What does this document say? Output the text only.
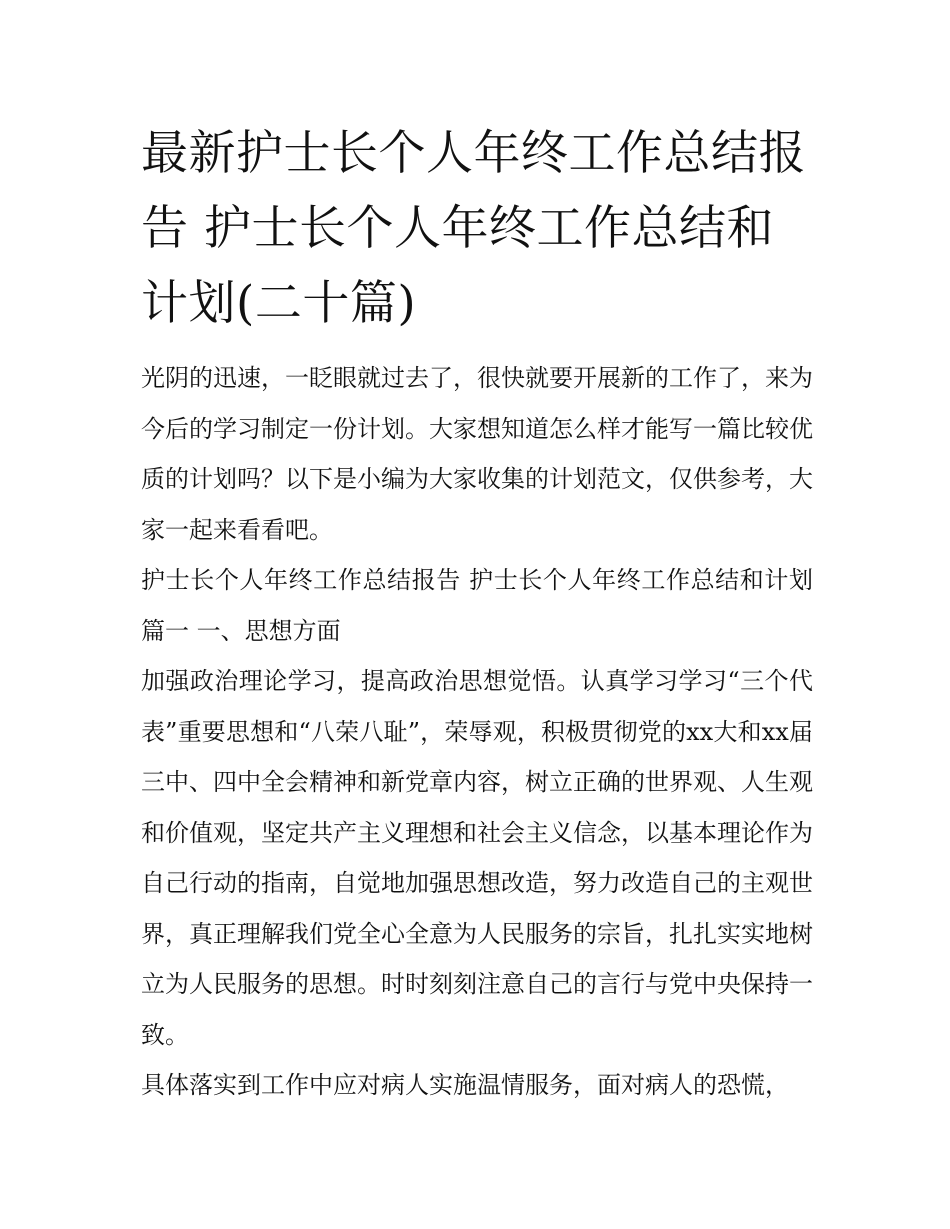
最新护士长个人年终工作总结报告 护士长个人年终工作总结和计划(二十篇)

光阴的迅速，一眨眼就过去了，很快就要开展新的工作了，来为今后的学习制定一份计划。大家想知道怎么样才能写一篇比较优质的计划吗？以下是小编为大家收集的计划范文，仅供参考，大家一起来看看吧。

护士长个人年终工作总结报告 护士长个人年终工作总结和计划篇一 一、思想方面

加强政治理论学习，提高政治思想觉悟。认真学习学习“三个代表”重要思想和“八荣八耻”，荣辱观，积极贯彻党的xx大和xx届三中、四中全会精神和新党章内容，树立正确的世界观、人生观和价值观，坚定共产主义理想和社会主义信念，以基本理论作为自己行动的指南，自觉地加强思想改造，努力改造自己的主观世界，真正理解我们党全心全意为人民服务的宗旨，扎扎实实地树立为人民服务的思想。时时刻刻注意自己的言行与党中央保持一致。

具体落实到工作中应对病人实施温情服务，面对病人的恐慌，
